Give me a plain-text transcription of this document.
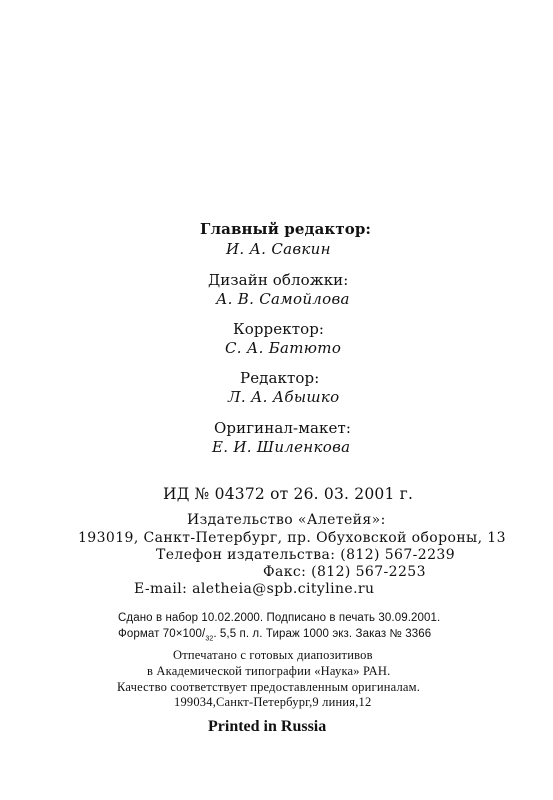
Главный редактор:
И. А. Савкин
Дизайн обложки:
А. В. Самойлова
Корректор:
С. А. Батюто
Редактор:
Л. А. Абышко
Оригинал-макет:
Е. И. Шиленкова
ИД № 04372 от 26. 03. 2001 г.
Издательство «Алетейя»:
193019, Санкт-Петербург, пр. Обуховской обороны, 13
Телефон издательства: (812) 567-2239
Факс: (812) 567-2253
E-mail: aletheia@spb.cityline.ru
Сдано в набор 10.02.2000. Подписано в печать 30.09.2001.
Формат $70\times 100/_{32}$. 5,5 п. л. Тираж 1000 экз. Заказ № 3366
Отпечатано с готовых диапозитивов
в Академической типографии «Наука» РАН.
Качество соответствует предоставленным оригиналам.
199034,Санкт-Петербург,9 линия,12
Printed in Russia
